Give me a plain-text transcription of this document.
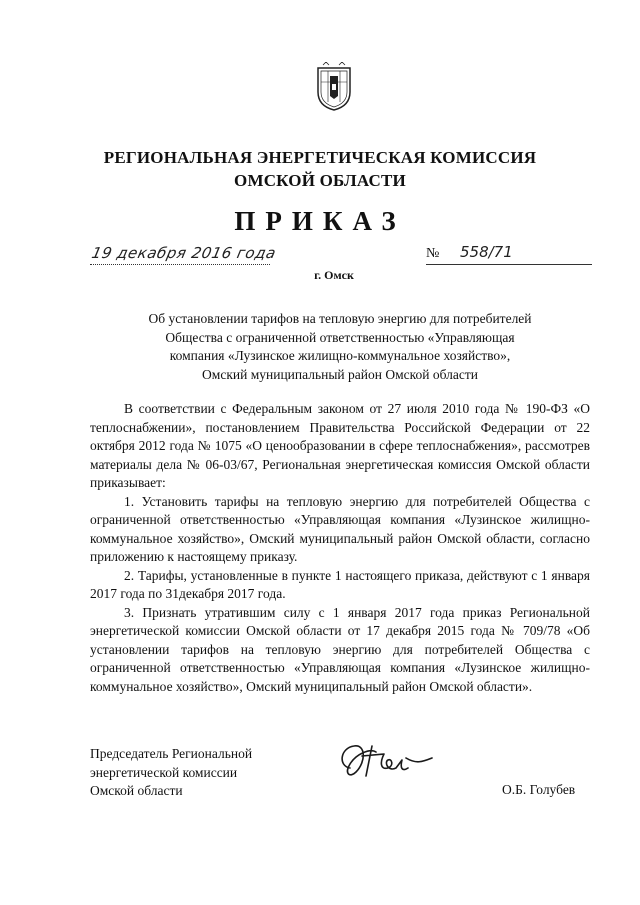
РЕГИОНАЛЬНАЯ ЭНЕРГЕТИЧЕСКАЯ КОМИССИЯ
ОМСКОЙ ОБЛАСТИ
ПРИКАЗ
19 декабря 2016 года	№ 558/71
г. Омск
Об установлении тарифов на тепловую энергию для потребителей
Общества с ограниченной ответственностью «Управляющая
компания «Лузинское жилищно-коммунальное хозяйство»,
Омский муниципальный район Омской области

В соответствии с Федеральным законом от 27 июля 2010 года № 190-ФЗ «О теплоснабжении», постановлением Правительства Российской Федерации от 22 октября 2012 года № 1075 «О ценообразовании в сфере теплоснабжения», рассмотрев материалы дела № 06-03/67, Региональная энергетическая комиссия Омской области приказывает:

1. Установить тарифы на тепловую энергию для потребителей Общества с ограниченной ответственностью «Управляющая компания «Лузинское жилищно-коммунальное хозяйство», Омский муниципальный район Омской области, согласно приложению к настоящему приказу.

2. Тарифы, установленные в пункте 1 настоящего приказа, действуют с 1 января 2017 года по 31декабря 2017 года.

3. Признать утратившим силу с 1 января 2017 года приказ Региональной энергетической комиссии Омской области от 17 декабря 2015 года № 709/78 «Об установлении тарифов на тепловую энергию для потребителей Общества с ограниченной ответственностью «Управляющая компания «Лузинское жилищно-коммунальное хозяйство», Омский муниципальный район Омской области».

Председатель Региональной
энергетической комиссии
Омской области	О.Б. Голубев
